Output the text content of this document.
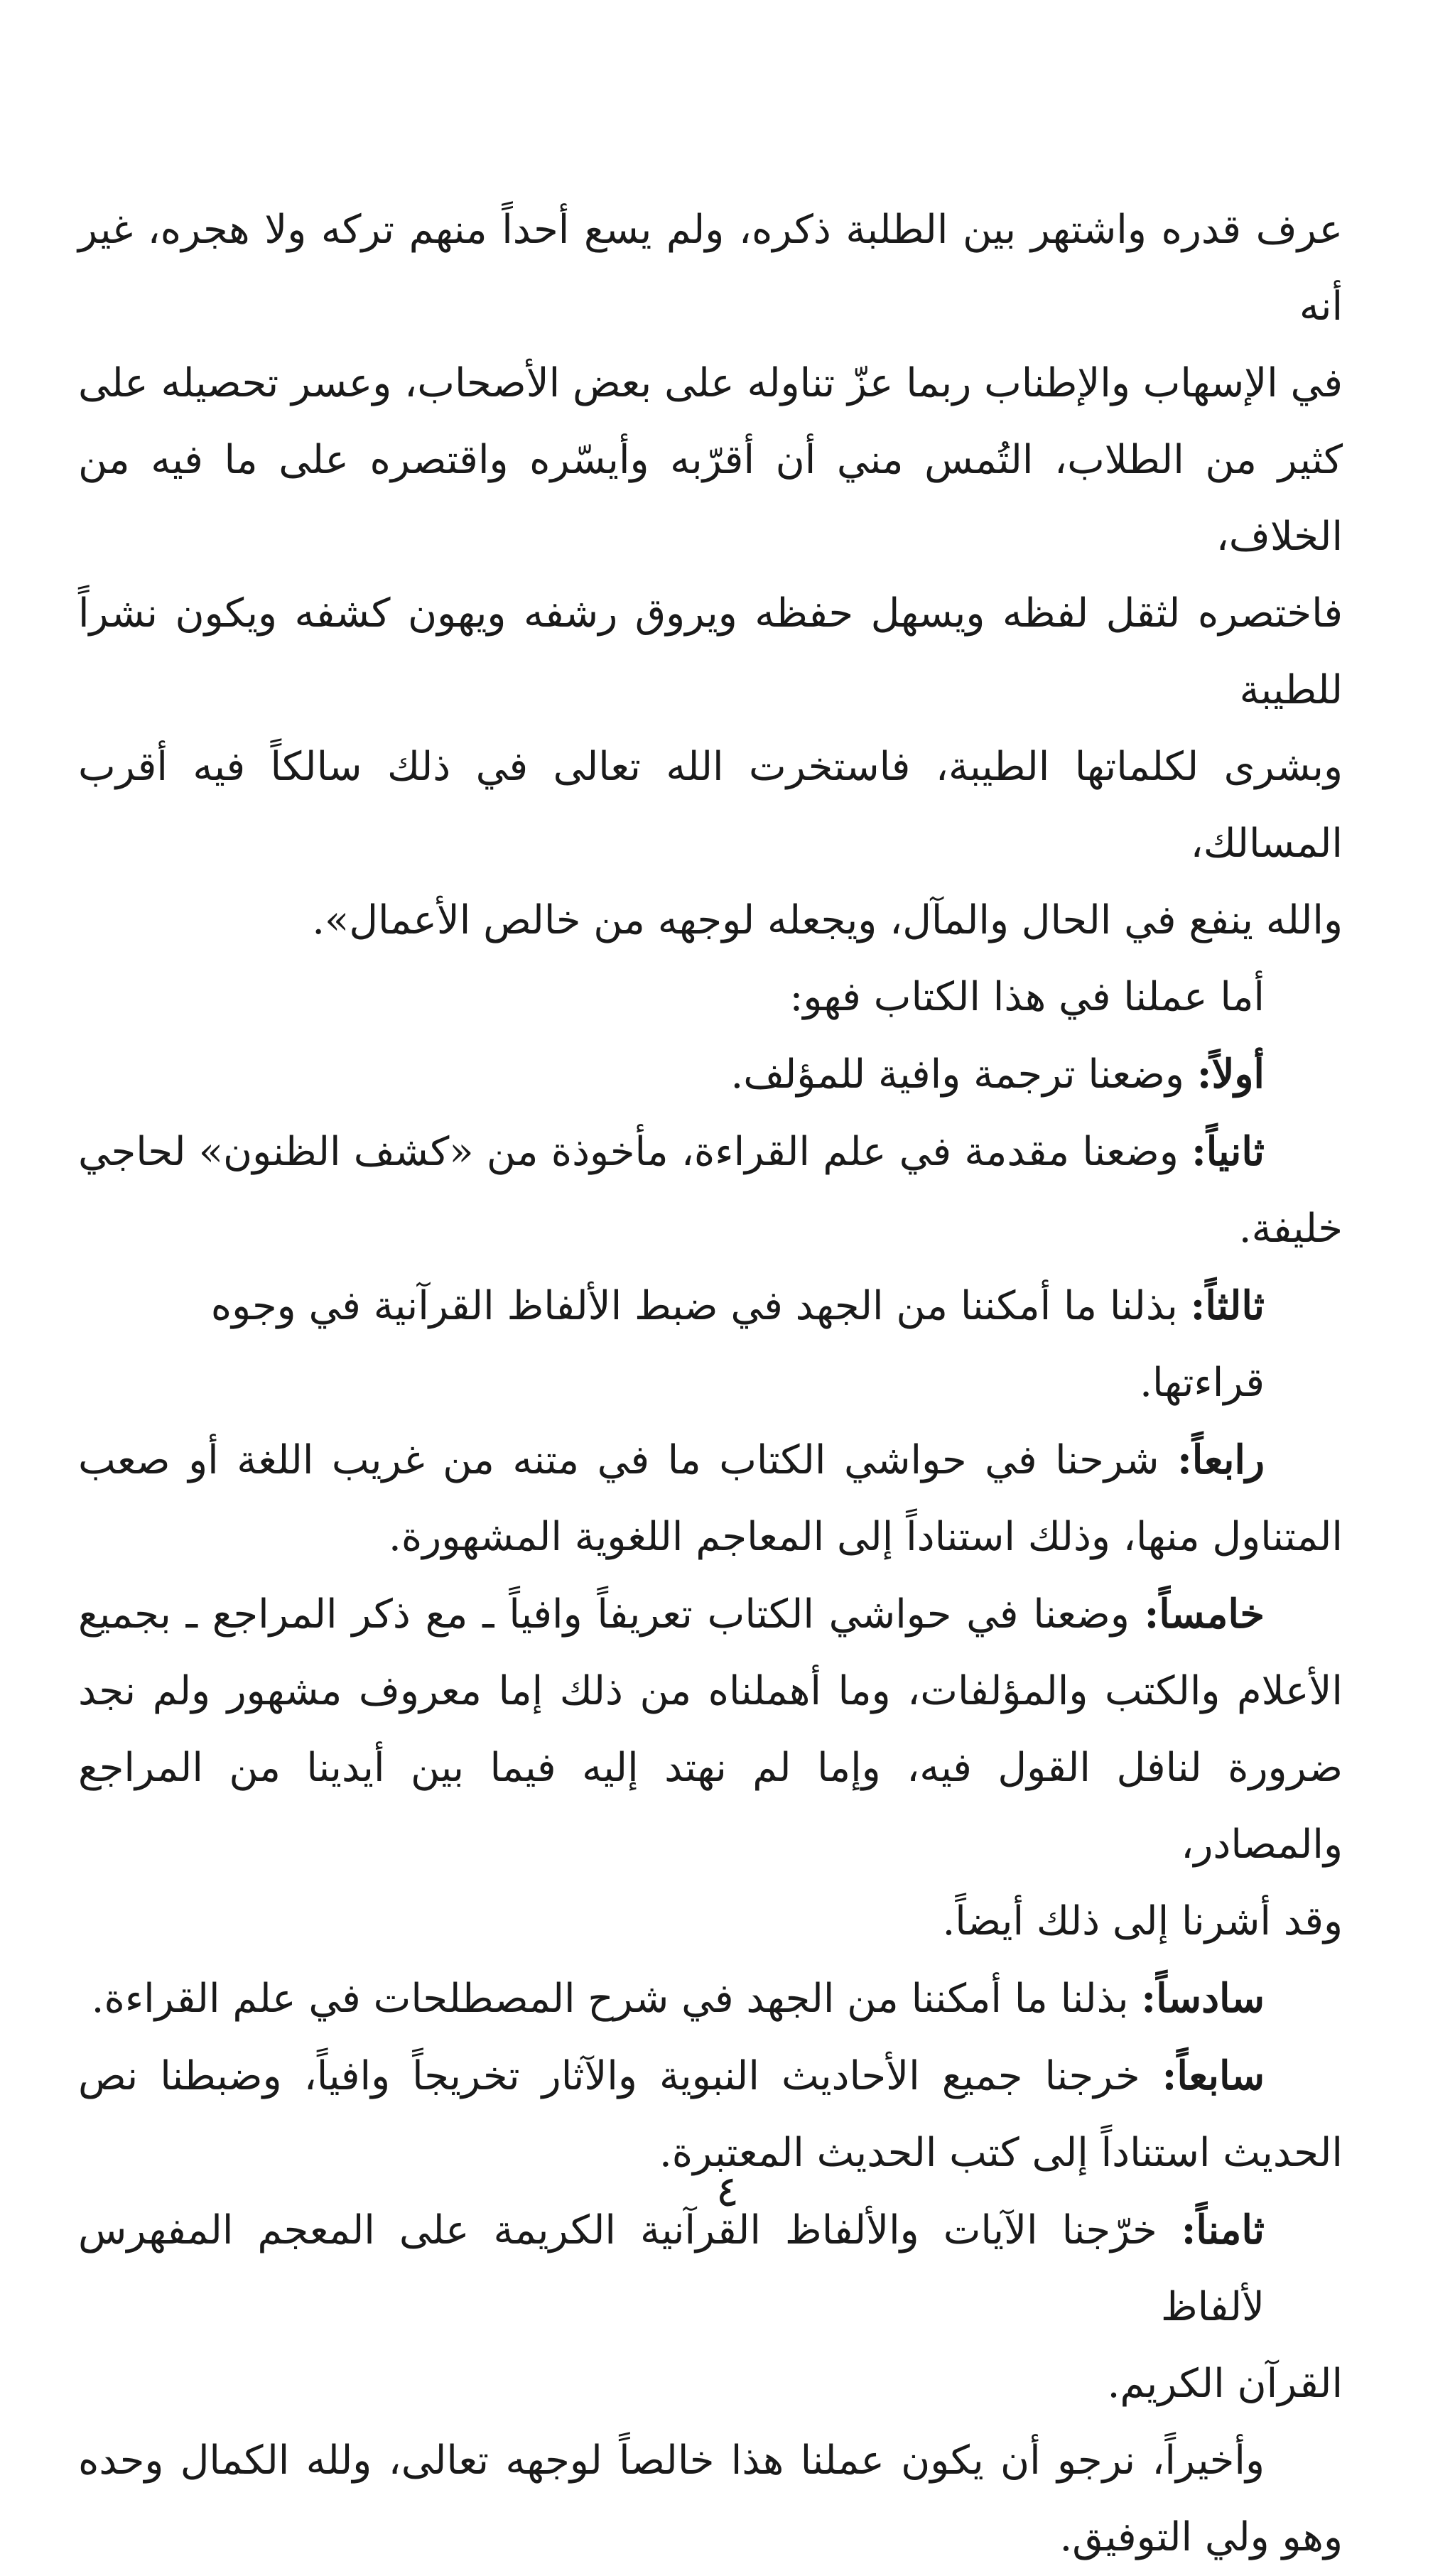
عرف قدره واشتهر بين الطلبة ذكره، ولم يسع أحداً منهم تركه ولا هجره، غير أنه
في الإسهاب والإطناب ربما عزّ تناوله على بعض الأصحاب، وعسر تحصيله على
كثير من الطلاب، التُمس مني أن أقرّبه وأيسّره واقتصره على ما فيه من الخلاف،
فاختصره لثقل لفظه ويسهل حفظه ويروق رشفه ويهون كشفه ويكون نشراً للطيبة
وبشرى لكلماتها الطيبة، فاستخرت الله تعالى في ذلك سالكاً فيه أقرب المسالك،
والله ينفع في الحال والمآل، ويجعله لوجهه من خالص الأعمال».
أما عملنا في هذا الكتاب فهو:
أولاً: وضعنا ترجمة وافية للمؤلف.
ثانياً: وضعنا مقدمة في علم القراءة، مأخوذة من «كشف الظنون» لحاجي
خليفة.
ثالثاً: بذلنا ما أمكننا من الجهد في ضبط الألفاظ القرآنية في وجوه قراءتها.
رابعاً: شرحنا في حواشي الكتاب ما في متنه من غريب اللغة أو صعب
المتناول منها، وذلك استناداً إلى المعاجم اللغوية المشهورة.
خامساً: وضعنا في حواشي الكتاب تعريفاً وافياً ـ مع ذكر المراجع ـ بجميع
الأعلام والكتب والمؤلفات، وما أهملناه من ذلك إما معروف مشهور ولم نجد
ضرورة لنافل القول فيه، وإما لم نهتد إليه فيما بين أيدينا من المراجع والمصادر،
وقد أشرنا إلى ذلك أيضاً.
سادساً: بذلنا ما أمكننا من الجهد في شرح المصطلحات في علم القراءة.
سابعاً: خرجنا جميع الأحاديث النبوية والآثار تخريجاً وافياً، وضبطنا نص
الحديث استناداً إلى كتب الحديث المعتبرة.
ثامناً: خرّجنا الآيات والألفاظ القرآنية الكريمة على المعجم المفهرس لألفاظ
القرآن الكريم.
وأخيراً، نرجو أن يكون عملنا هذا خالصاً لوجهه تعالى، ولله الكمال وحده
وهو ولي التوفيق.
٤
